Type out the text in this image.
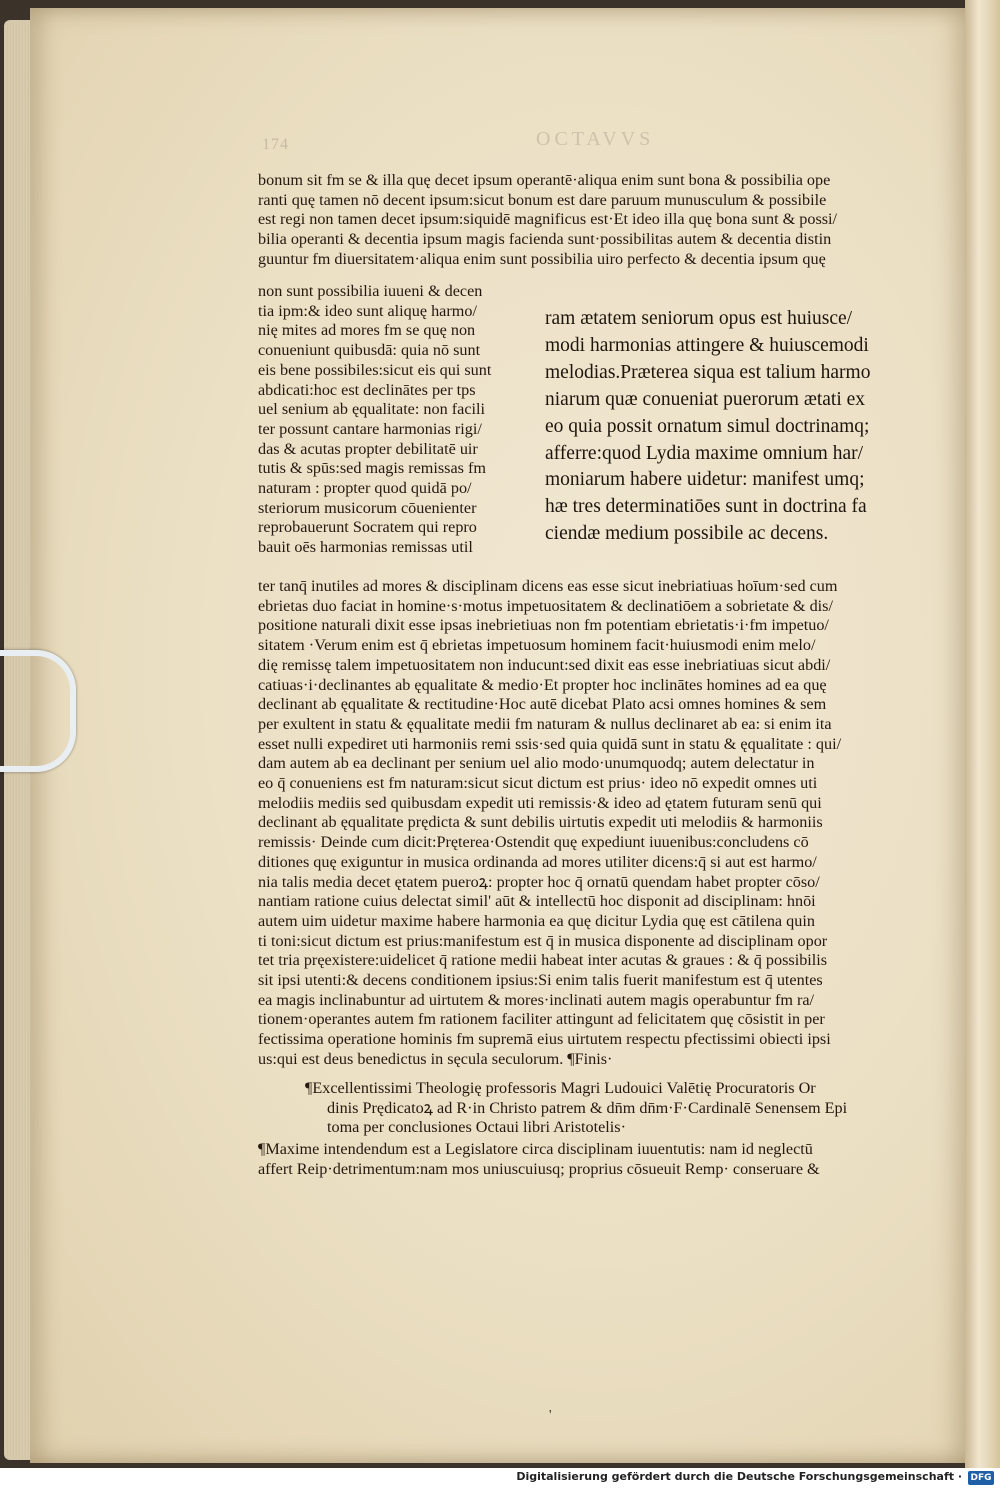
174	OCTAVVS

bonum sit fm se & illa quę decet ipsum operantē·aliqua enim sunt bona & possibilia ope

ranti quę tamen nō decent ipsum:sicut bonum est dare paruum munusculum & possibile

est regi non tamen decet ipsum:siquidē magnificus est·Et ideo illa quę bona sunt & possi/

bilia operanti & decentia ipsum magis facienda sunt·possibilitas autem & decentia distin

guuntur fm diuersitatem·aliqua enim sunt possibilia uiro perfecto & decentia ipsum quę

non sunt possibilia iuueni & decen

tia ipm:& ideo sunt aliquę harmo/

nię mites ad mores fm se quę non

conueniunt quibusdā: quia nō sunt

eis bene possibiles:sicut eis qui sunt

abdicati:hoc est declinātes per tps

uel senium ab ęqualitate: non facili

ter possunt cantare harmonias rigi/

das & acutas propter debilitatē uir

tutis & spūs:sed magis remissas fm

naturam : propter quod quidā po/

steriorum musicorum cōuenienter

reprobauerunt Socratem qui repro

bauit oēs harmonias remissas util

ram ætatem seniorum opus est huiusce/

modi harmonias attingere & huiuscemodi

melodias.Præterea siqua est talium harmo

niarum quæ conueniat puerorum ætati ex

eo quia possit ornatum simul doctrinamq;

afferre:quod Lydia maxime omnium har/

moniarum habere uidetur: manifest umq;

hæ tres determinatiōes sunt in doctrina fa

ciendæ medium possibile ac decens.

ter tanq̄ inutiles ad mores & disciplinam dicens eas esse sicut inebriatiuas hoīum·sed cum

ebrietas duo faciat in homine·s·motus impetuositatem & declinatiōem a sobrietate & dis/

positione naturali dixit esse ipsas inebrietiuas non fm potentiam ebrietatis·i·fm impetuo/

sitatem ·Verum enim est q̄ ebrietas impetuosum hominem facit·huiusmodi enim melo/

dię remissę talem impetuositatem non inducunt:sed dixit eas esse inebriatiuas sicut abdi/

catiuas·i·declinantes ab ęqualitate & medio·Et propter hoc inclinātes homines ad ea quę

declinant ab ęqualitate & rectitudine·Hoc autē dicebat Plato acsi omnes homines & sem

per exultent in statu & ęqualitate medii fm naturam & nullus declinaret ab ea: si enim ita

esset nulli expediret uti harmoniis remi ssis·sed quia quidā sunt in statu & ęqualitate : qui/

dam autem ab ea declinant per senium uel alio modo·unumquodq; autem delectatur in

eo q̄ conueniens est fm naturam:sicut sicut dictum est prius· ideo nō expedit omnes uti

melodiis mediis sed quibusdam expedit uti remissis·& ideo ad ętatem futuram senū qui

declinant ab ęqualitate prędicta & sunt debilis uirtutis expedit uti melodiis & harmoniis

remissis· Deinde cum dicit:Pręterea·Ostendit quę expediunt iuuenibus:concludens cō

ditiones quę exiguntur in musica ordinanda ad mores utiliter dicens:q̄ si aut est harmo/

nia talis media decet ętatem pueroꝝ: propter hoc q̄ ornatū quendam habet propter cōso/

nantiam ratione cuius delectat simil' aūt & intellectū hoc disponit ad disciplinam: hnōi

autem uim uidetur maxime habere harmonia ea quę dicitur Lydia quę est cātilena quin

ti toni:sicut dictum est prius:manifestum est q̄ in musica disponente ad disciplinam opor

tet tria pręexistere:uidelicet q̄ ratione medii habeat inter acutas & graues : & q̄ possibilis

sit ipsi utenti:& decens conditionem ipsius:Si enim talis fuerit manifestum est q̄ utentes

ea magis inclinabuntur ad uirtutem & mores·inclinati autem magis operabuntur fm ra/

tionem·operantes autem fm rationem faciliter attingunt ad felicitatem quę cōsistit in per

fectissima operatione hominis fm supremā eius uirtutem respectu pfectissimi obiecti ipsi

us:qui est deus benedictus in sęcula seculorum. ¶Finis·

¶Excellentissimi Theologię professoris Magri Ludouici Valētię Procuratoris Or

dinis Prędicatoꝝ ad R·in Christo patrem & dn̄m dn̄m·F·Cardinalē Senensem Epi

toma per conclusiones Octaui libri Aristotelis·

¶Maxime intendendum est a Legislatore circa disciplinam iuuentutis: nam id neglectū

affert Reip·detrimentum:nam mos uniuscuiusq; proprius cōsueuit Remp· conseruare &

'
Digitalisierung gefördert durch die Deutsche Forschungsgemeinschaft · DFG
